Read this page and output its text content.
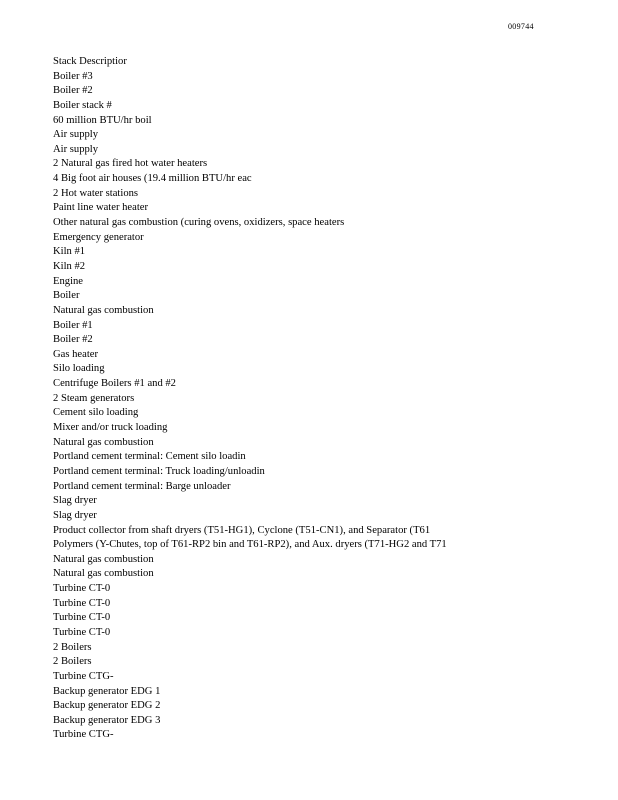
009744
Stack Descriptior
Boiler #3
Boiler #2
Boiler stack #
60 million BTU/hr boil
Air supply
Air supply
2 Natural gas fired hot water heaters
4 Big foot air houses (19.4 million BTU/hr eac
2 Hot water stations
Paint line water heater
Other natural gas combustion (curing ovens, oxidizers, space heaters
Emergency generator
Kiln #1
Kiln #2
Engine
Boiler
Natural gas combustion
Boiler #1
Boiler #2
Gas heater
Silo loading
Centrifuge Boilers #1 and #2
2 Steam generators
Cement silo loading
Mixer and/or truck loading
Natural gas combustion
Portland cement terminal: Cement silo loadin
Portland cement terminal: Truck loading/unloadin
Portland cement terminal: Barge unloader
Slag dryer
Slag dryer
Product collector from shaft dryers (T51-HG1), Cyclone (T51-CN1), and Separator (T61
Polymers (Y-Chutes, top of T61-RP2 bin and T61-RP2), and Aux. dryers (T71-HG2 and T71
Natural gas combustion
Natural gas combustion
Turbine CT-0
Turbine CT-0
Turbine CT-0
Turbine CT-0
2 Boilers
2 Boilers
Turbine CTG-
Backup generator EDG 1
Backup generator EDG 2
Backup generator EDG 3
Turbine CTG-
